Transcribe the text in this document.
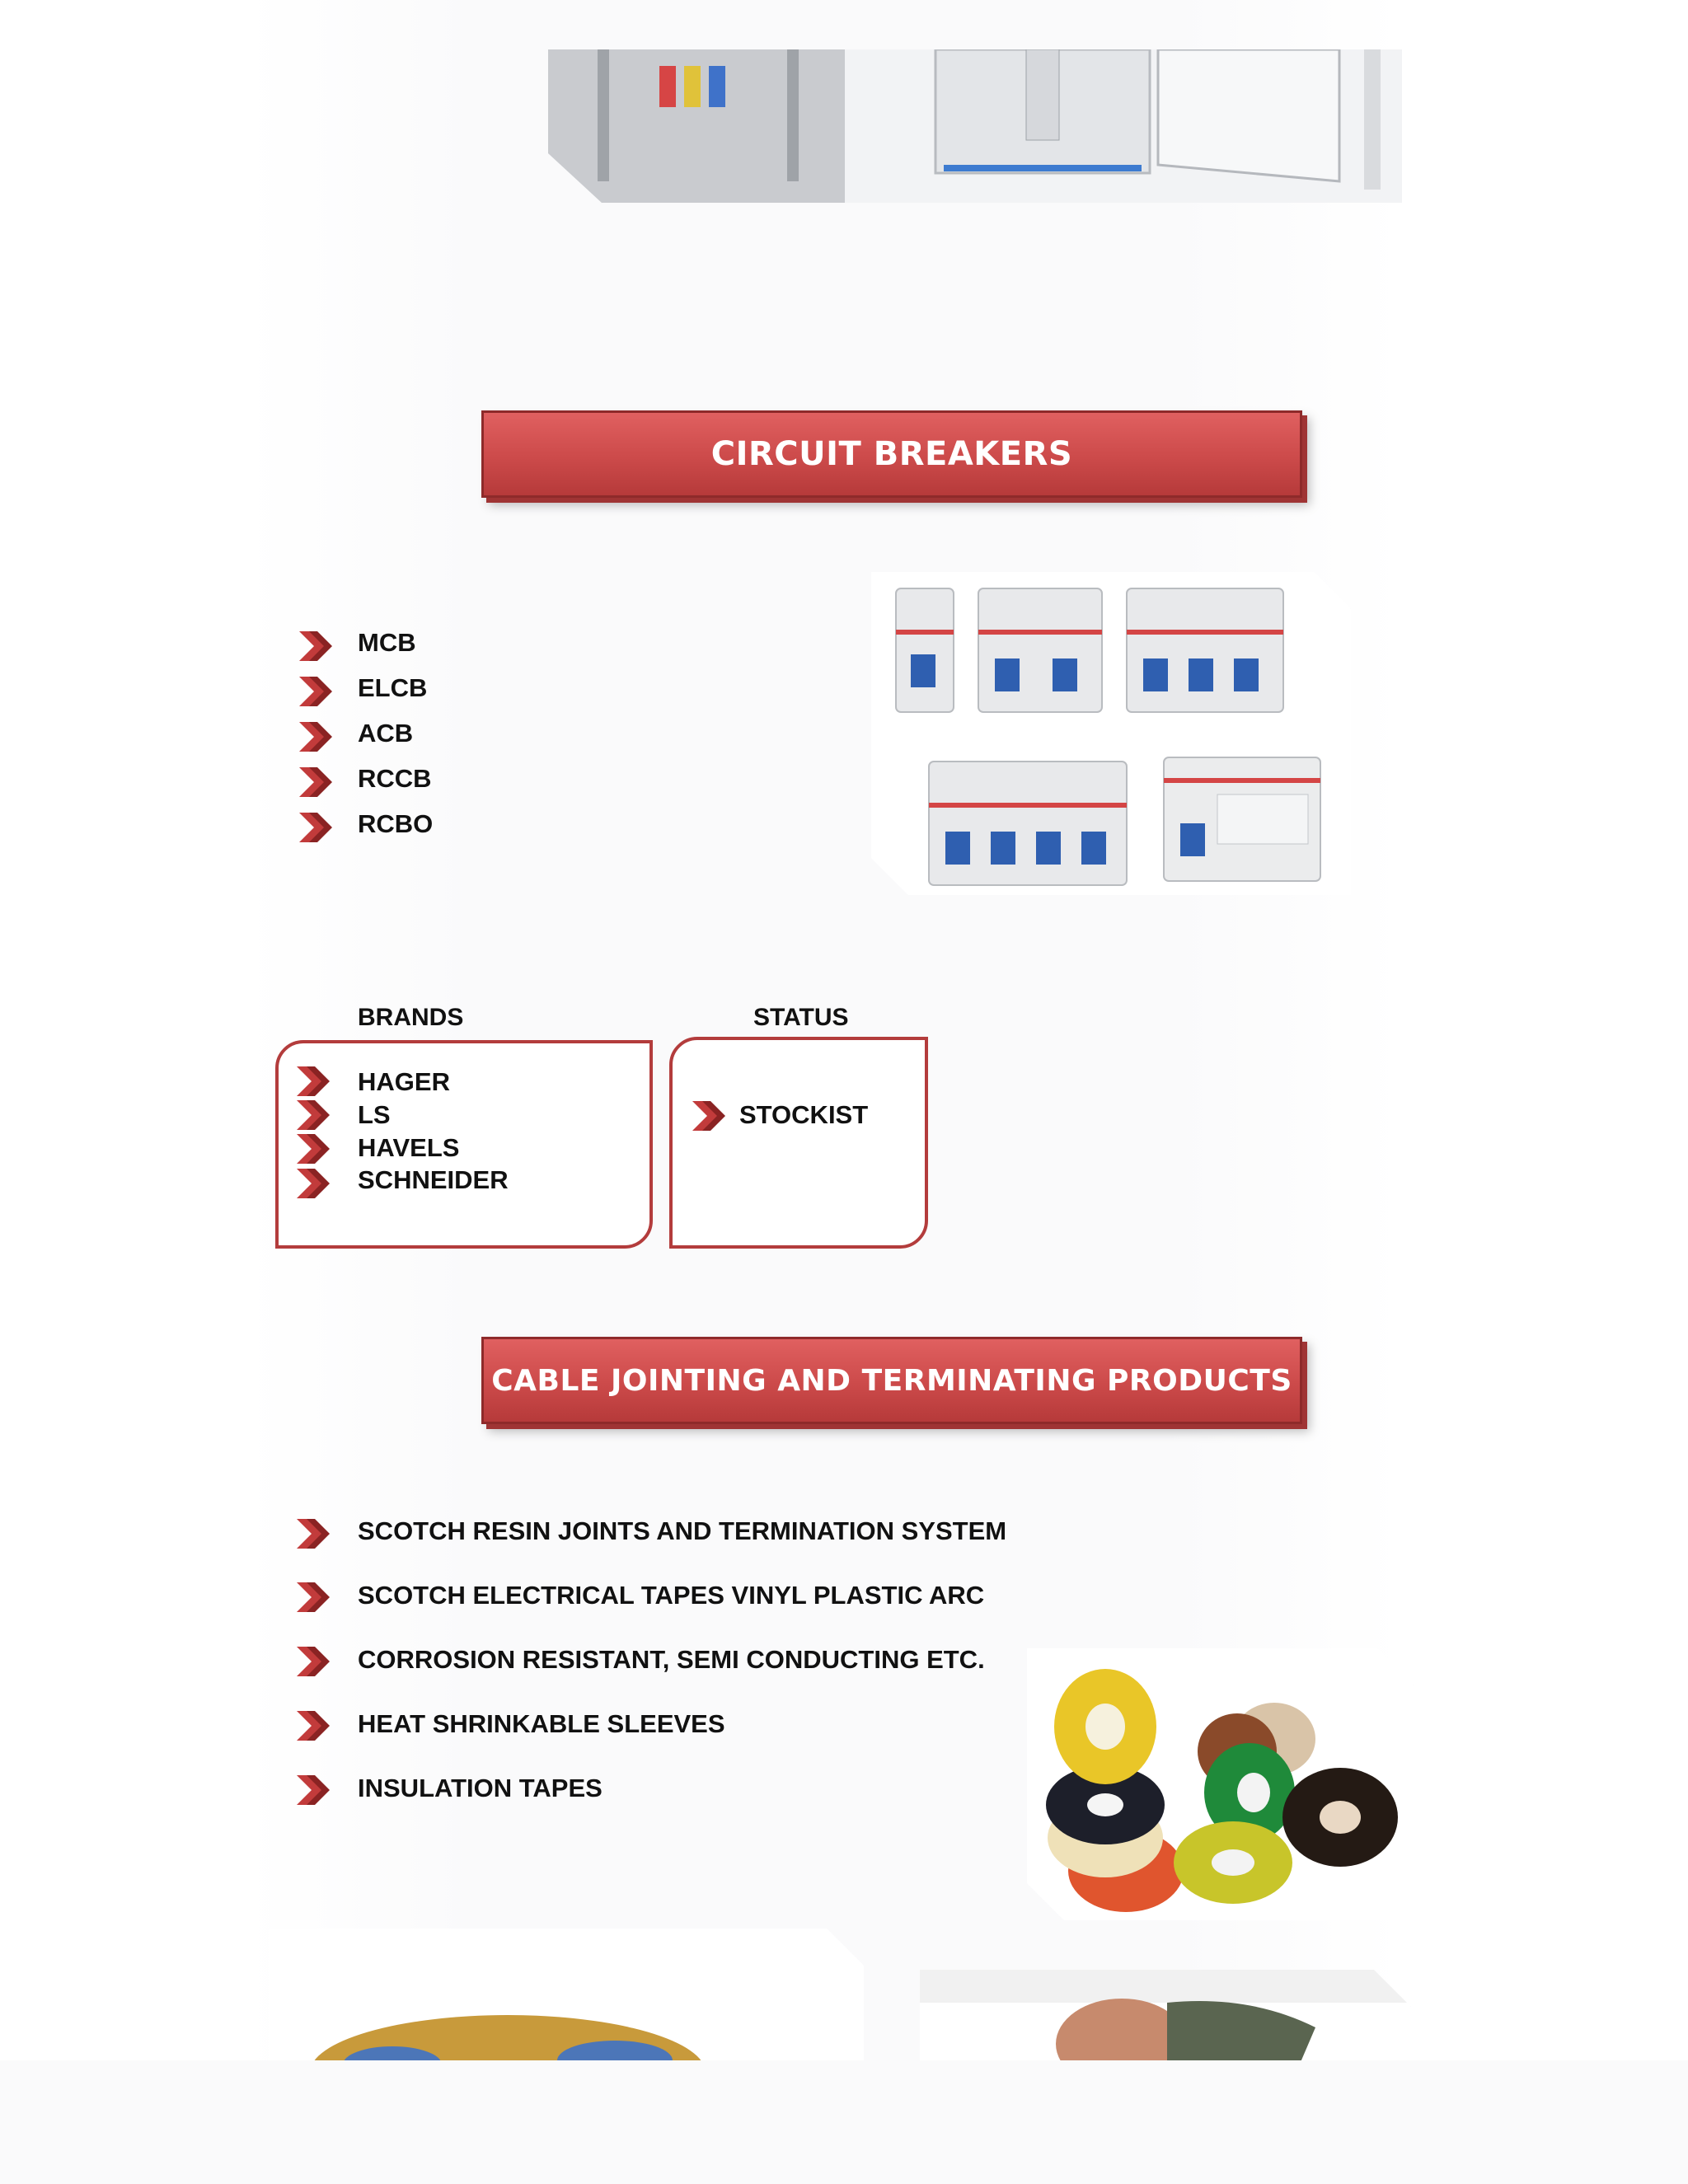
CIRCUIT BREAKERS
MCB
ELCB
ACB
RCCB
RCBO
BRANDS	STATUS
HAGER
LS
HAVELS
SCHNEIDER
STOCKIST
CABLE JOINTING AND TERMINATING PRODUCTS
SCOTCH RESIN JOINTS AND TERMINATION SYSTEM
SCOTCH ELECTRICAL TAPES VINYL PLASTIC ARC
CORROSION RESISTANT, SEMI CONDUCTING ETC.
HEAT SHRINKABLE SLEEVES
INSULATION TAPES
